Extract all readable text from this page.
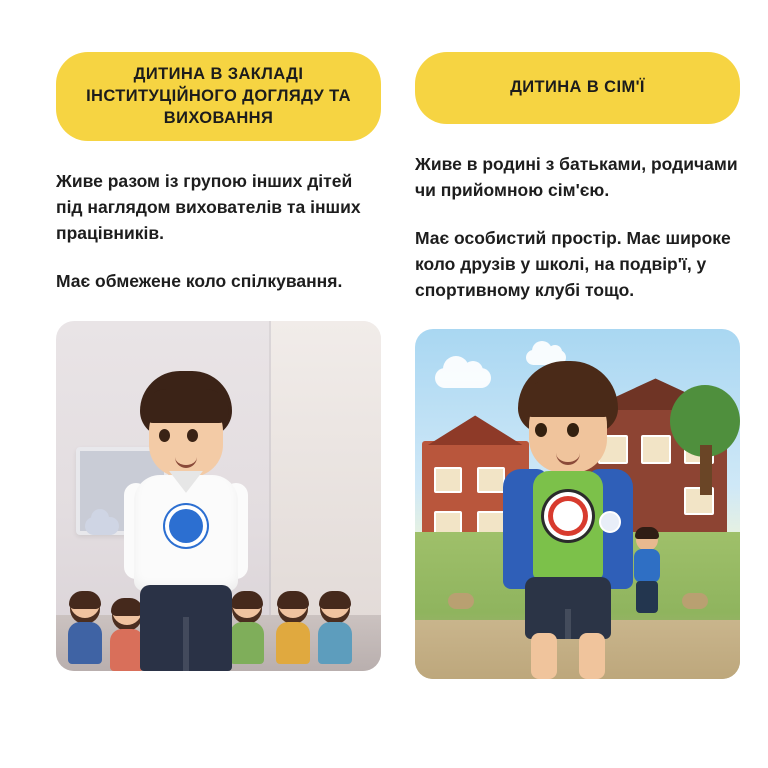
ДИТИНА В ЗАКЛАДІ ІНСТИТУЦІЙНОГО ДОГЛЯДУ ТА ВИХОВАННЯ
Живе разом із групою інших дітей під наглядом вихователів та інших працівників.
Має обмежене коло спілкування.
ДИТИНА В СІМ'Ї
Живе в родині з батьками, родичами чи прийомною сім'єю.
Має особистий простір. Має широке коло друзів у школі, на подвір'ї, у спортивному клубі тощо.
